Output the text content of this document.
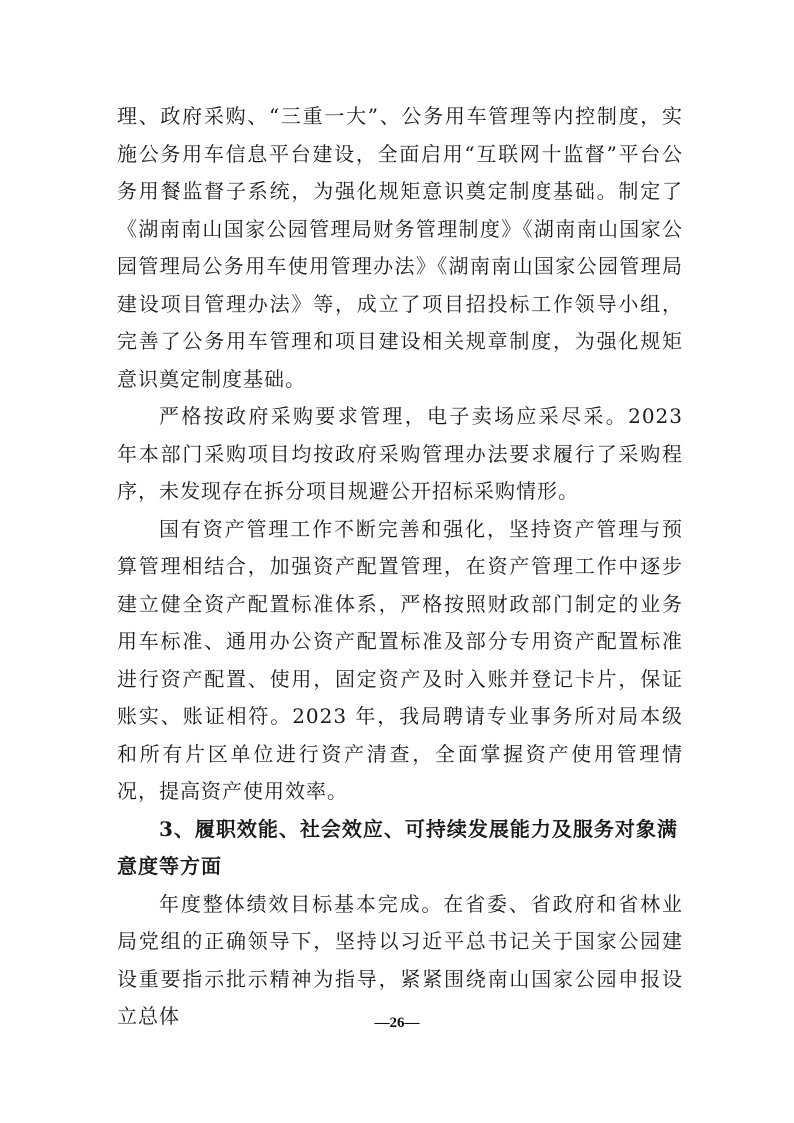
理、政府采购、“三重一大”、公务用车管理等内控制度，实施公务用车信息平台建设，全面启用“互联网十监督”平台公务用餐监督子系统，为强化规矩意识奠定制度基础。制定了《湖南南山国家公园管理局财务管理制度》《湖南南山国家公园管理局公务用车使用管理办法》《湖南南山国家公园管理局建设项目管理办法》等，成立了项目招投标工作领导小组，完善了公务用车管理和项目建设相关规章制度，为强化规矩意识奠定制度基础。

严格按政府采购要求管理，电子卖场应采尽采。2023 年本部门采购项目均按政府采购管理办法要求履行了采购程序，未发现存在拆分项目规避公开招标采购情形。

国有资产管理工作不断完善和强化，坚持资产管理与预算管理相结合，加强资产配置管理，在资产管理工作中逐步建立健全资产配置标准体系，严格按照财政部门制定的业务用车标准、通用办公资产配置标准及部分专用资产配置标准进行资产配置、使用，固定资产及时入账并登记卡片，保证账实、账证相符。2023 年，我局聘请专业事务所对局本级和所有片区单位进行资产清查，全面掌握资产使用管理情况，提高资产使用效率。

3、履职效能、社会效应、可持续发展能力及服务对象满意度等方面

年度整体绩效目标基本完成。在省委、省政府和省林业局党组的正确领导下，坚持以习近平总书记关于国家公园建设重要指示批示精神为指导，紧紧围绕南山国家公园申报设立总体	—26—
